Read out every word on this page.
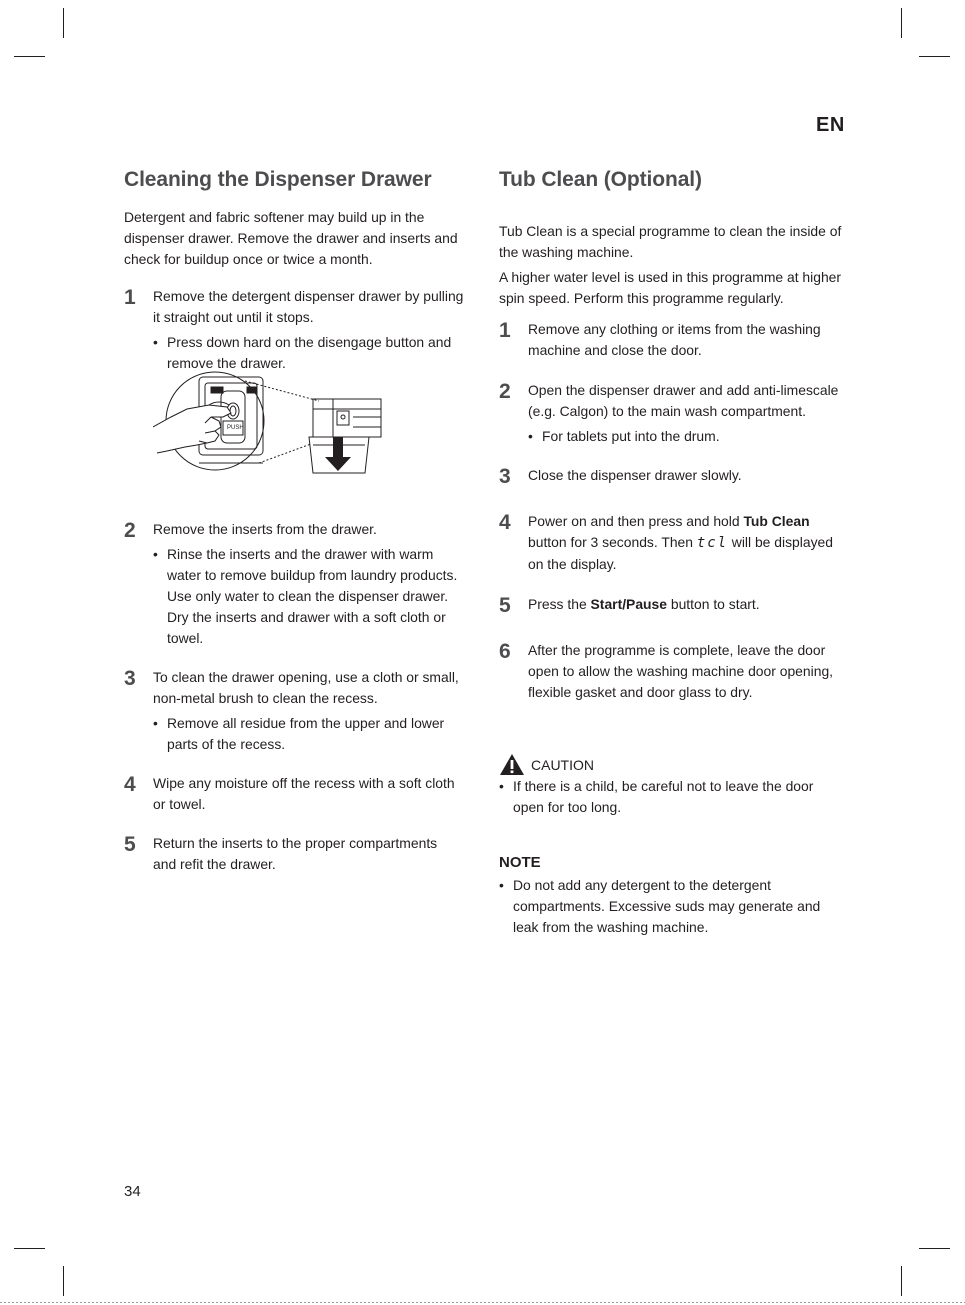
EN
Cleaning the Dispenser Drawer

Detergent and fabric softener may build up in the dispenser drawer. Remove the drawer and inserts and check for buildup once or twice a month.

1 Remove the detergent dispenser drawer by pulling it straight out until it stops.

• Press down hard on the disengage button and remove the drawer.
2 Remove the inserts from the drawer.

• Rinse the inserts and the drawer with warm water to remove buildup from laundry products. Use only water to clean the dispenser drawer. Dry the inserts and drawer with a soft cloth or towel.
3 To clean the drawer opening, use a cloth or small, non-metal brush to clean the recess.

• Remove all residue from the upper and lower parts of the recess.
4 Wipe any moisture off the recess with a soft cloth or towel.

5 Return the inserts to the proper compartments and refit the drawer.

PUSH
Tub Clean (Optional)

Tub Clean is a special programme to clean the inside of the washing machine.

A higher water level is used in this programme at higher spin speed. Perform this programme regularly.

1 Remove any clothing or items from the washing machine and close the door.

2 Open the dispenser drawer and add anti-limescale (e.g. Calgon) to the main wash compartment.

• For tablets put into the drum.
3 Close the dispenser drawer slowly.

4 Power on and then press and hold Tub Clean button for 3 seconds. Then tcl will be displayed on the display.

5 Press the Start/Pause button to start.

6 After the programme is complete, leave the door open to allow the washing machine door opening, flexible gasket and door glass to dry.

CAUTION
• If there is a child, be careful not to leave the door open for too long.

NOTE

• Do not add any detergent to the detergent compartments. Excessive suds may generate and leak from the washing machine.
34
